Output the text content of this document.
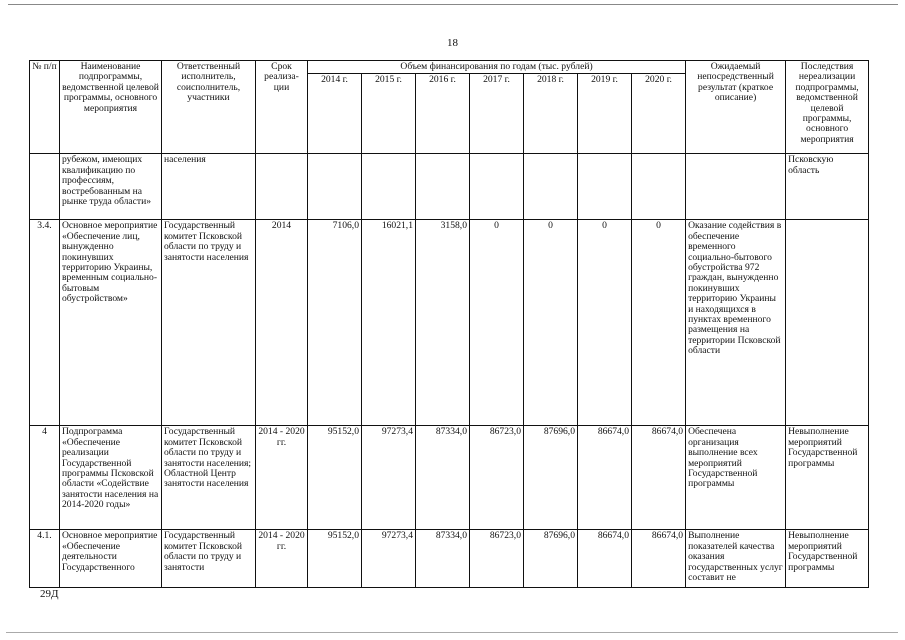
18
№ п/п	Наименование подпрограммы, ведомственной целевой программы, основного мероприятия	Ответственный исполнитель, соисполнитель, участники	Срок реализа- ции	Объем финансирования по годам (тыс. рублей)							Ожидаемый непосредственный результат (краткое описание)	Последствия нереализации подпрограммы, ведомственной целевой программы, основного мероприятия
				2014 г.	2015 г.	2016 г.	2017 г.	2018 г.	2019 г.	2020 г.		
	рубежом, имеющих квалификацию по профессиям, востребованным на рынке труда области»	населения										Псковскую область
3.4.	Основное мероприятие «Обеспечение лиц, вынужденно покинувших территорию Украины, временным социально-бытовым обустройством»	Государственный комитет Псковской области по труду и занятости населения	2014	7106,0	16021,1	3158,0	0	0	0	0	Оказание содействия в обеспечение временного социально-бытового обустройства 972 граждан, вынужденно покинувших территорию Украины и находящихся в пунктах временного размещения на территории Псковской области	
4	Подпрограмма «Обеспечение реализации Государственной программы Псковской области «Содействие занятости населения на 2014-2020 годы»	Государственный комитет Псковской области по труду и занятости населения; Областной Центр занятости населения	2014 - 2020 гг.	95152,0	97273,4	87334,0	86723,0	87696,0	86674,0	86674,0	Обеспечена организация выполнение всех мероприятий Государственной программы	Невыполнение мероприятий Государственной программы
4.1.	Основное мероприятие «Обеспечение деятельности Государственного	Государственный комитет Псковской области по труду и занятости	2014 - 2020 гг.	95152,0	97273,4	87334,0	86723,0	87696,0	86674,0	86674,0	Выполнение показателей качества оказания государственных услуг составит не	Невыполнение мероприятий Государственной программы
29Д
